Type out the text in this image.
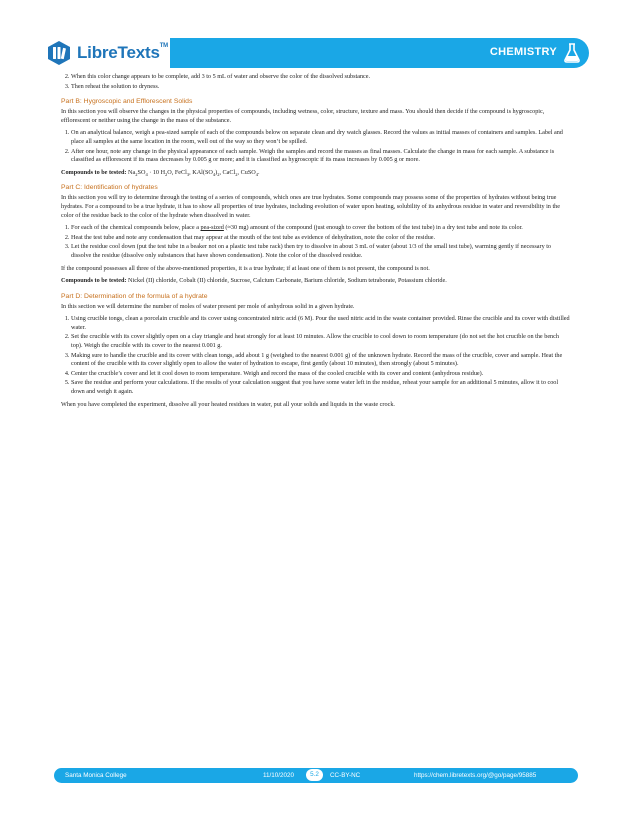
LibreTexts™	CHEMISTRY
2. When this color change appears to be complete, add 3 to 5 mL of water and observe the color of the dissolved substance.
3. Then reheat the solution to dryness.
Part B: Hygroscopic and Efflorescent Solids

In this section you will observe the changes in the physical properties of compounds, including wetness, color, structure, texture and mass. You should then decide if the compound is hygroscopic, efflorescent or neither using the change in the mass of the substance.

1. On an analytical balance, weigh a pea-sized sample of each of the compounds below on separate clean and dry watch glasses. Record the values as initial masses of containers and samples. Label and place all samples at the same location in the room, well out of the way so they won’t be spilled.
2. After one hour, note any change in the physical appearance of each sample. Weigh the samples and record the masses as final masses. Calculate the change in mass for each sample. A substance is classified as efflorescent if its mass decreases by 0.005 g or more; and it is classified as hygroscopic if its mass increases by 0.005 g or more.

Compounds to be tested: $Na_2SO_4 \cdot 10$ $H_2O$, FeCl$_3$, $KAl(SO_4)_2$, CaCl$_2$, CuSO$_4$.

Part C: Identification of hydrates

In this section you will try to determine through the testing of a series of compounds, which ones are true hydrates. Some compounds may possess some of the properties of hydrates without being true hydrates. For a compound to be a true hydrate, it has to show all properties of true hydrates, including evolution of water upon heating, solubility of its anhydrous residue in water and reversibility in the color of the residue back to the color of the hydrate when dissolved in water.

1. For each of the chemical compounds below, place a pea-sized (≈30 mg) amount of the compound (just enough to cover the bottom of the test tube) in a dry test tube and note its color.
2. Heat the test tube and note any condensation that may appear at the mouth of the test tube as evidence of dehydration, note the color of the residue.
3. Let the residue cool down (put the test tube in a beaker not on a plastic test tube rack) then try to dissolve in about 3 mL of water (about 1/3 of the small test tube), warming gently if necessary to dissolve the residue (dissolve only substances that have shown condensation). Note the color of the dissolved residue.

If the compound possesses all three of the above-mentioned properties, it is a true hydrate; if at least one of them is not present, the compound is not.

Compounds to be tested: Nickel (II) chloride, Cobalt (II) chloride, Sucrose, Calcium Carbonate, Barium chloride, Sodium tetraborate, Potassium chloride.

Part D: Determination of the formula of a hydrate

In this section we will determine the number of moles of water present per mole of anhydrous solid in a given hydrate.

1. Using crucible tongs, clean a porcelain crucible and its cover using concentrated nitric acid (6 M). Pour the used nitric acid in the waste container provided. Rinse the crucible and its cover with distilled water.
2. Set the crucible with its cover slightly open on a clay triangle and heat strongly for at least 10 minutes. Allow the crucible to cool down to room temperature (do not set the hot crucible on the bench top). Weigh the crucible with its cover to the nearest 0.001 g.
3. Making sure to handle the crucible and its cover with clean tongs, add about 1 g (weighed to the nearest 0.001 g) of the unknown hydrate. Record the mass of the crucible, cover and sample. Heat the content of the crucible with its cover slightly open to allow the water of hydration to escape, first gently (about 10 minutes), then strongly (about 5 minutes).
4. Center the crucible’s cover and let it cool down to room temperature. Weigh and record the mass of the cooled crucible with its cover and content (anhydrous residue).
5. Save the residue and perform your calculations. If the results of your calculation suggest that you have some water left in the residue, reheat your sample for an additional 5 minutes, allow it to cool down and weigh it again.

When you have completed the experiment, dissolve all your heated residues in water, put all your solids and liquids in the waste crock.

Santa Monica College	11/10/2020	5.2	CC-BY-NC	https://chem.libretexts.org/@go/page/95885
